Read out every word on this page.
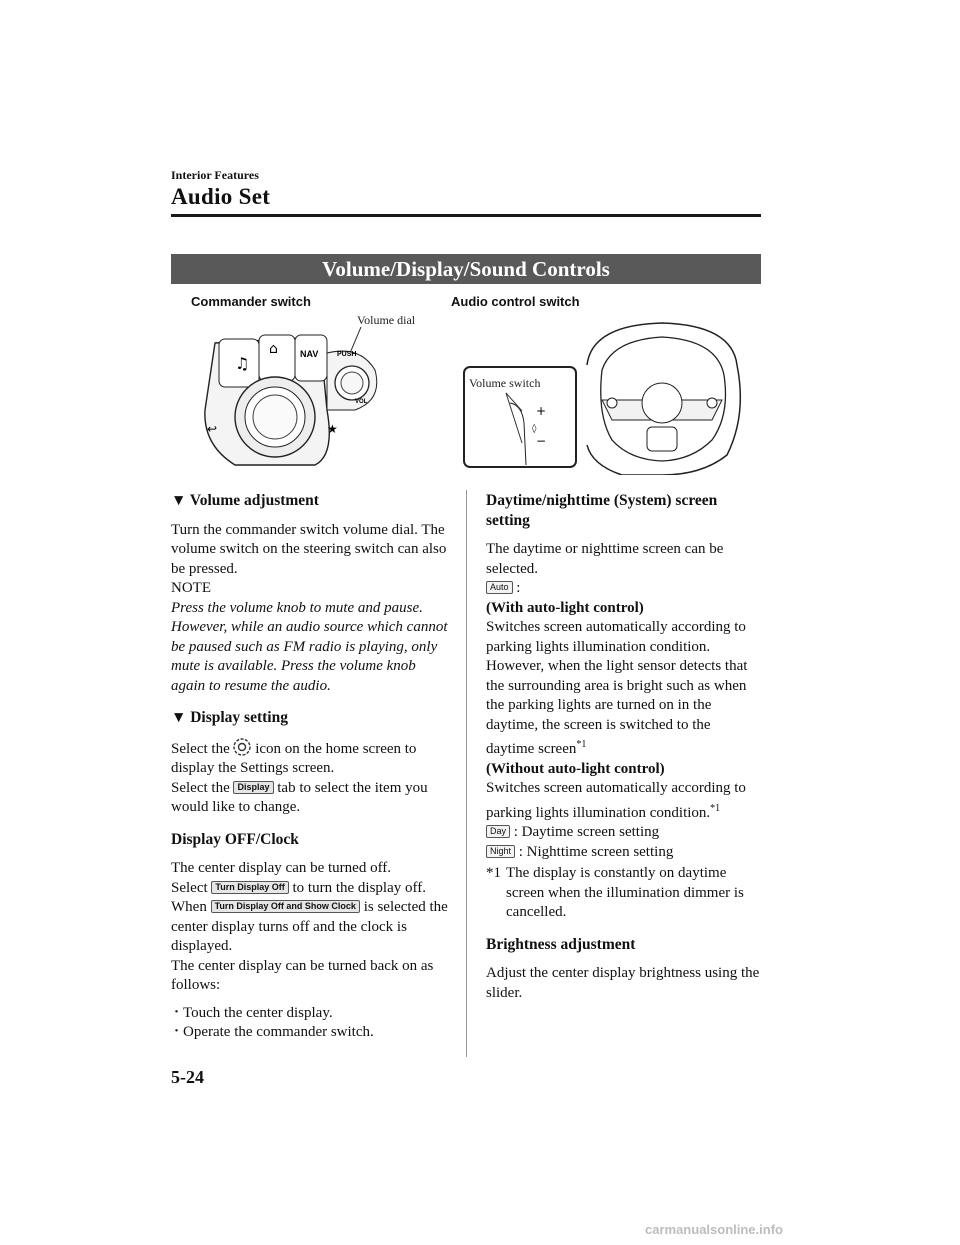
Interior Features
Audio Set
Volume/Display/Sound Controls
Commander switch
Volume dial
Audio control switch
♫
⌂ NAV
↩	★
PUSH
VOL
+
−
◊
Volume switch

▼ Volume adjustment

Turn the commander switch volume dial. The volume switch on the steering switch can also be pressed.

NOTE

Press the volume knob to mute and pause. However, while an audio source which cannot be paused such as FM radio is playing, only mute is available. Press the volume knob again to resume the audio.

▼ Display setting

Select the icon on the home screen to display the Settings screen.

Select the Display tab to select the item you would like to change.

Display OFF/Clock

The center display can be turned off.

Select Turn Display Off to turn the display off.

When Turn Display Off and Show Clock is selected the center display turns off and the clock is displayed.

The center display can be turned back on as follows:

· Touch the center display.

· Operate the commander switch.

Daytime/nighttime (System) screen setting

The daytime or nighttime screen can be selected.

Auto :

(With auto-light control)

Switches screen automatically according to parking lights illumination condition. However, when the light sensor detects that the surrounding area is bright such as when the parking lights are turned on in the daytime, the screen is switched to the daytime screen$^{*1}$

(Without auto-light control)

Switches screen automatically according to parking lights illumination condition.$^{*1}$

Day : Daytime screen setting

Night : Nighttime screen setting

*1 The display is constantly on daytime screen when the illumination dimmer is cancelled.

Brightness adjustment

Adjust the center display brightness using the slider.

5-24
carmanualsonline.info
